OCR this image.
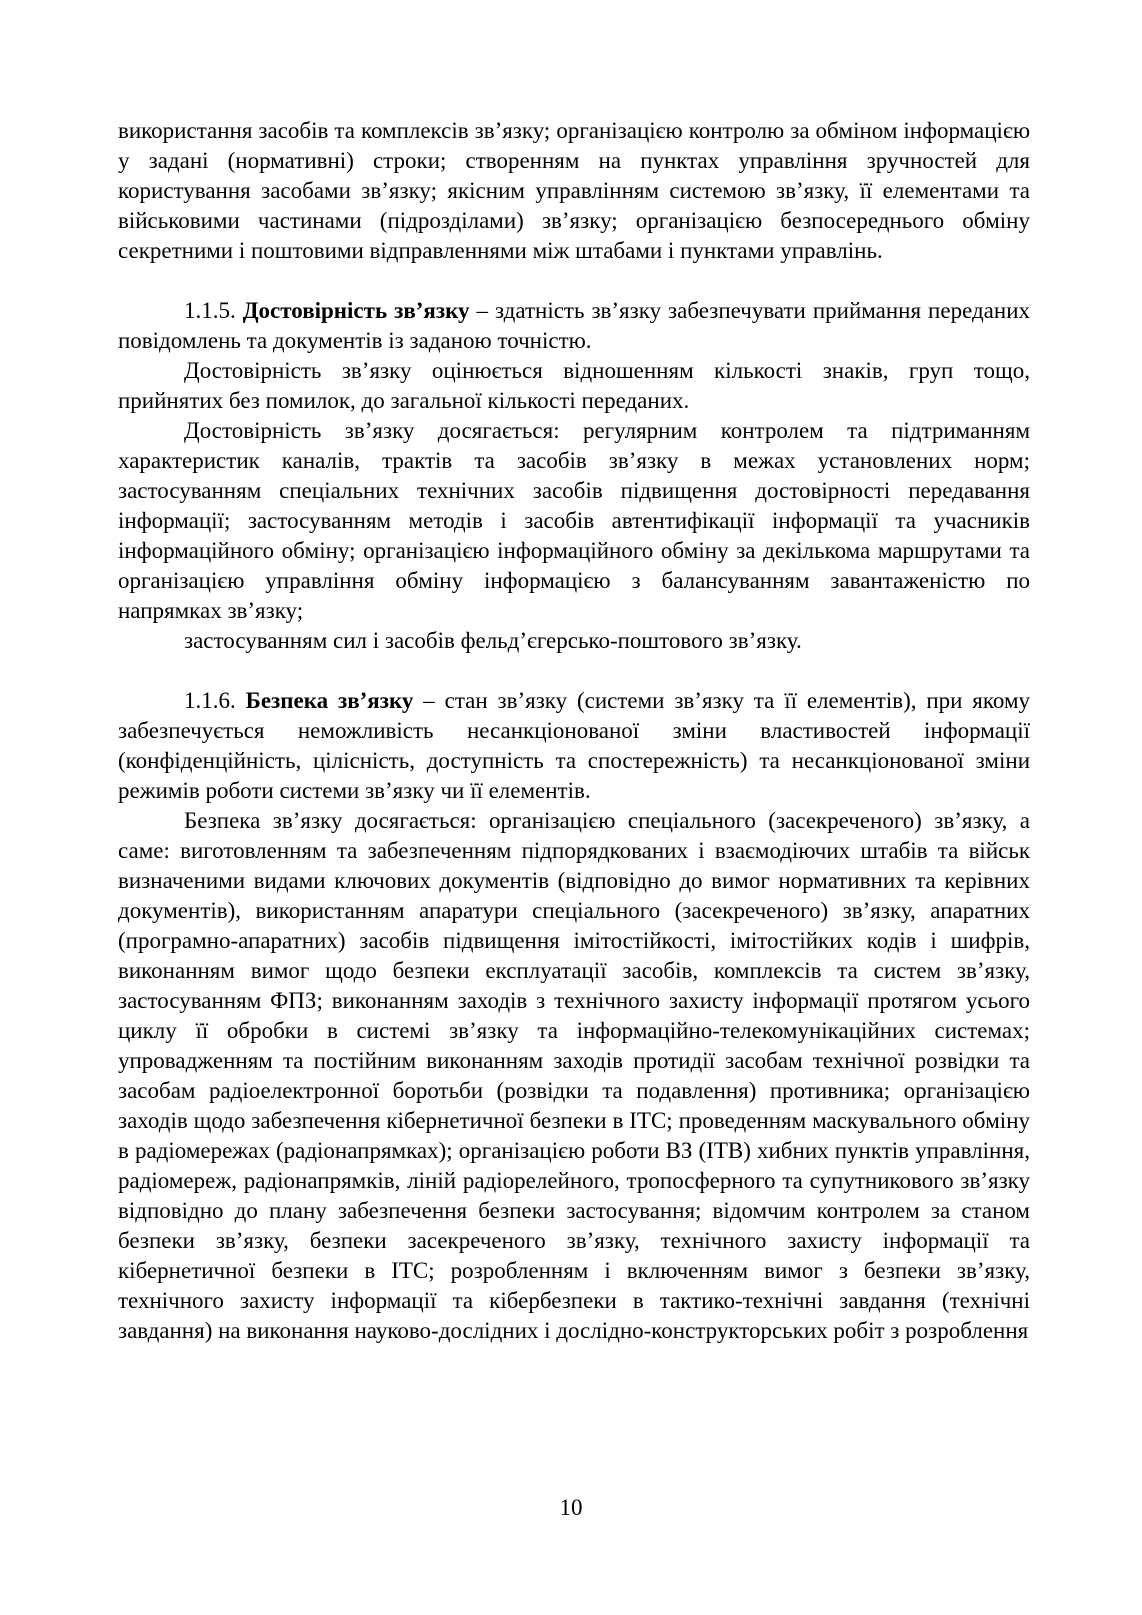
використання засобів та комплексів зв’язку; організацією контролю за обміном інформацією у задані (нормативні) строки; створенням на пунктах управління зручностей для користування засобами зв’язку; якісним управлінням системою зв’язку, її елементами та військовими частинами (підрозділами) зв’язку; організацією безпосереднього обміну секретними і поштовими відправленнями між штабами і пунктами управлінь.

1.1.5. Достовірність зв’язку – здатність зв’язку забезпечувати приймання переданих повідомлень та документів із заданою точністю.

Достовірність зв’язку оцінюється відношенням кількості знаків, груп тощо, прийнятих без помилок, до загальної кількості переданих.

Достовірність зв’язку досягається: регулярним контролем та підтриманням характеристик каналів, трактів та засобів зв’язку в межах установлених норм; застосуванням спеціальних технічних засобів підвищення достовірності передавання інформації; застосуванням методів і засобів автентифікації інформації та учасників інформаційного обміну; організацією інформаційного обміну за декількома маршрутами та організацією управління обміну інформацією з балансуванням завантаженістю по напрямках зв’язку;

застосуванням сил і засобів фельд’єгерсько-поштового зв’язку.

1.1.6. Безпека зв’язку – стан зв’язку (системи зв’язку та її елементів), при якому забезпечується неможливість несанкціонованої зміни властивостей інформації (конфіденційність, цілісність, доступність та спостережність) та несанкціонованої зміни режимів роботи системи зв’язку чи її елементів.

Безпека зв’язку досягається: організацією спеціального (засекреченого) зв’язку, а саме: виготовленням та забезпеченням підпорядкованих і взаємодіючих штабів та військ визначеними видами ключових документів (відповідно до вимог нормативних та керівних документів), використанням апаратури спеціального (засекреченого) зв’язку, апаратних (програмно-апаратних) засобів підвищення імітостійкості, імітостійких кодів і шифрів, виконанням вимог щодо безпеки експлуатації засобів, комплексів та систем зв’язку, застосуванням ФПЗ; виконанням заходів з технічного захисту інформації протягом усього циклу її обробки в системі зв’язку та інформаційно-телекомунікаційних системах; упровадженням та постійним виконанням заходів протидії засобам технічної розвідки та засобам радіоелектронної боротьби (розвідки та подавлення) противника; організацією заходів щодо забезпечення кібернетичної безпеки в ІТС; проведенням маскувального обміну в радіомережах (радіонапрямках); організацією роботи ВЗ (ІТВ) хибних пунктів управління, радіомереж, радіонапрямків, ліній радіорелейного, тропосферного та супутникового зв’язку відповідно до плану забезпечення безпеки застосування; відомчим контролем за станом безпеки зв’язку, безпеки засекреченого зв’язку, технічного захисту інформації та кібернетичної безпеки в ІТС; розробленням і включенням вимог з безпеки зв’язку, технічного захисту інформації та кібербезпеки в тактико-технічні завдання (технічні завдання) на виконання науково-дослідних і дослідно-конструкторських робіт з розроблення

10
